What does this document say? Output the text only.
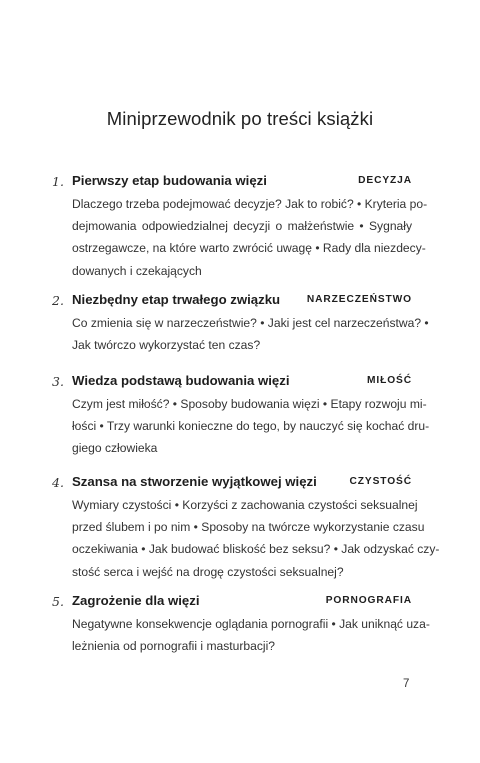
Miniprzewodnik po treści książki
1. Pierwszy etap budowania więzi	DECYZJA
Dlaczego trzeba podejmować decyzje? Jak to robić? • Kryteria po-
dejmowania odpowiedzialnej decyzji o małżeństwie • Sygnały
ostrzegawcze, na które warto zwrócić uwagę • Rady dla niezdecy-
dowanych i czekających
2. Niezbędny etap trwałego związku	NARZECZEŃSTWO
Co zmienia się w narzeczeństwie? • Jaki jest cel narzeczeństwa? •
Jak twórczo wykorzystać ten czas?
3. Wiedza podstawą budowania więzi	MIŁOŚĆ
Czym jest miłość? • Sposoby budowania więzi • Etapy rozwoju mi-
łości • Trzy warunki konieczne do tego, by nauczyć się kochać dru-
giego człowieka
4. Szansa na stworzenie wyjątkowej więzi	CZYSTOŚĆ
Wymiary czystości • Korzyści z zachowania czystości seksualnej
przed ślubem i po nim • Sposoby na twórcze wykorzystanie czasu
oczekiwania • Jak budować bliskość bez seksu? • Jak odzyskać czy-
stość serca i wejść na drogę czystości seksualnej?
5. Zagrożenie dla więzi	PORNOGRAFIA
Negatywne konsekwencje oglądania pornografii • Jak uniknąć uza-
leżnienia od pornografii i masturbacji?
7
